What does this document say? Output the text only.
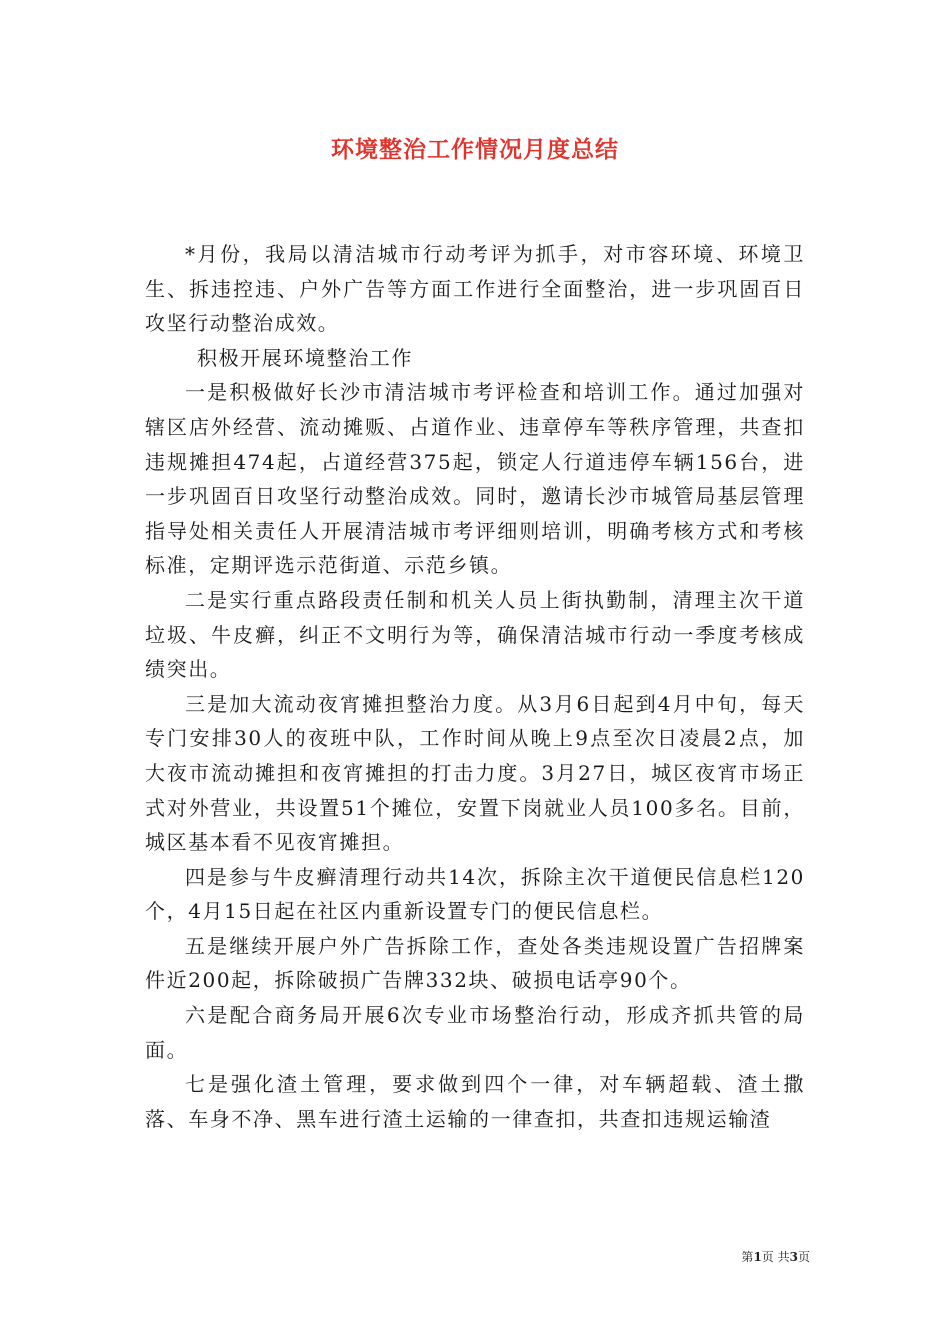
环境整治工作情况月度总结

*月份，我局以清洁城市行动考评为抓手，对市容环境、环境卫生、拆违控违、户外广告等方面工作进行全面整治，进一步巩固百日攻坚行动整治成效。

积极开展环境整治工作

一是积极做好长沙市清洁城市考评检查和培训工作。通过加强对辖区店外经营、流动摊贩、占道作业、违章停车等秩序管理，共查扣违规摊担474起，占道经营375起，锁定人行道违停车辆156台，进一步巩固百日攻坚行动整治成效。同时，邀请长沙市城管局基层管理指导处相关责任人开展清洁城市考评细则培训，明确考核方式和考核标准，定期评选示范街道、示范乡镇。

二是实行重点路段责任制和机关人员上街执勤制，清理主次干道垃圾、牛皮癣，纠正不文明行为等，确保清洁城市行动一季度考核成绩突出。

三是加大流动夜宵摊担整治力度。从3月6日起到4月中旬，每天专门安排30人的夜班中队，工作时间从晚上9点至次日凌晨2点，加大夜市流动摊担和夜宵摊担的打击力度。3月27日，城区夜宵市场正式对外营业，共设置51个摊位，安置下岗就业人员100多名。目前，城区基本看不见夜宵摊担。

四是参与牛皮癣清理行动共14次，拆除主次干道便民信息栏120个，4月15日起在社区内重新设置专门的便民信息栏。

五是继续开展户外广告拆除工作，查处各类违规设置广告招牌案件近200起，拆除破损广告牌332块、破损电话亭90个。

六是配合商务局开展6次专业市场整治行动，形成齐抓共管的局面。

七是强化渣土管理，要求做到四个一律，对车辆超载、渣土撒落、车身不净、黑车进行渣土运输的一律查扣，共查扣违规运输渣

第1页 共3页
